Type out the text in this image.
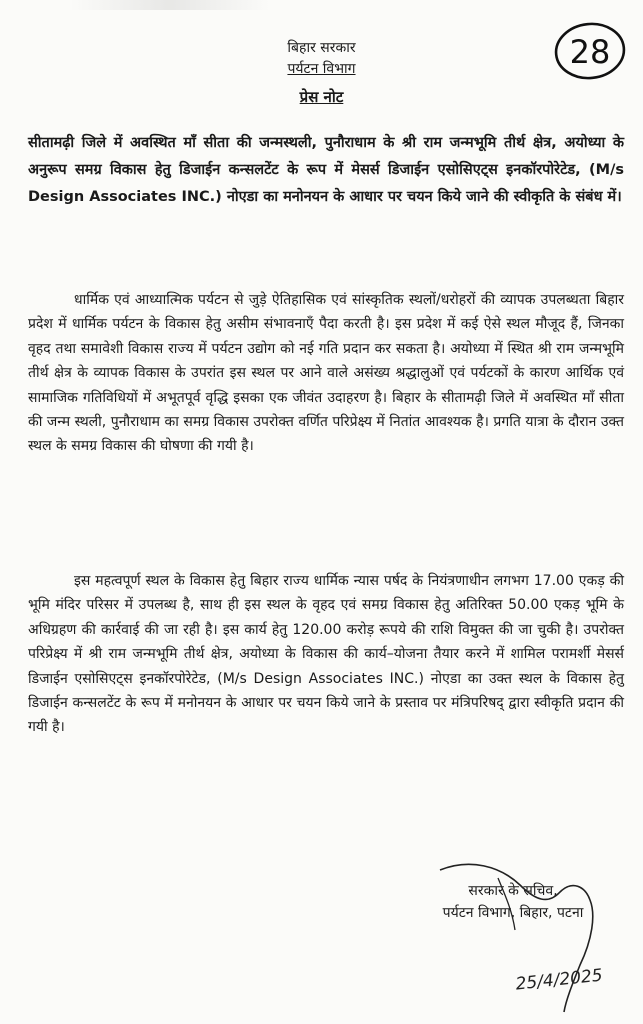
बिहार सरकार
पर्यटन विभाग
प्रेस नोट
28
सीतामढ़ी जिले में अवस्थित माँ सीता की जन्मस्थली, पुनौराधाम के श्री राम जन्मभूमि तीर्थ क्षेत्र, अयोध्या के अनुरूप समग्र विकास हेतु डिजाईन कन्सलटेंट के रूप में मेसर्स डिजाईन एसोसिएट्स इनकॉरपोरेटेड, (M/s Design Associates INC.) नोएडा का मनोनयन के आधार पर चयन किये जाने की स्वीकृति के संबंध में।
धार्मिक एवं आध्यात्मिक पर्यटन से जुड़े ऐतिहासिक एवं सांस्कृतिक स्थलों/धरोहरों की व्यापक उपलब्धता बिहार प्रदेश में धार्मिक पर्यटन के विकास हेतु असीम संभावनाएँ पैदा करती है। इस प्रदेश में कई ऐसे स्थल मौजूद हैं, जिनका वृहद तथा समावेशी विकास राज्य में पर्यटन उद्योग को नई गति प्रदान कर सकता है। अयोध्या में स्थित श्री राम जन्मभूमि तीर्थ क्षेत्र के व्यापक विकास के उपरांत इस स्थल पर आने वाले असंख्य श्रद्धालुओं एवं पर्यटकों के कारण आर्थिक एवं सामाजिक गतिविधियों में अभूतपूर्व वृद्धि इसका एक जीवंत उदाहरण है। बिहार के सीतामढ़ी जिले में अवस्थित माँ सीता की जन्म स्थली, पुनौराधाम का समग्र विकास उपरोक्त वर्णित परिप्रेक्ष्य में नितांत आवश्यक है। प्रगति यात्रा के दौरान उक्त स्थल के समग्र विकास की घोषणा की गयी है।
इस महत्वपूर्ण स्थल के विकास हेतु बिहार राज्य धार्मिक न्यास पर्षद के नियंत्रणाधीन लगभग 17.00 एकड़ की भूमि मंदिर परिसर में उपलब्ध है, साथ ही इस स्थल के वृहद एवं समग्र विकास हेतु अतिरिक्त 50.00 एकड़ भूमि के अधिग्रहण की कार्रवाई की जा रही है। इस कार्य हेतु 120.00 करोड़ रूपये की राशि विमुक्त की जा चुकी है। उपरोक्त परिप्रेक्ष्य में श्री राम जन्मभूमि तीर्थ क्षेत्र, अयोध्या के विकास की कार्य–योजना तैयार करने में शामिल परामर्शी मेसर्स डिजाईन एसोसिएट्स इनकॉरपोरेटेड, (M/s Design Associates INC.) नोएडा का उक्त स्थल के विकास हेतु डिजाईन कन्सलटेंट के रूप में मनोनयन के आधार पर चयन किये जाने के प्रस्ताव पर मंत्रिपरिषद् द्वारा स्वीकृति प्रदान की गयी है।
सरकार के सचिव,
पर्यटन विभाग, बिहार, पटना
25/4/2025
